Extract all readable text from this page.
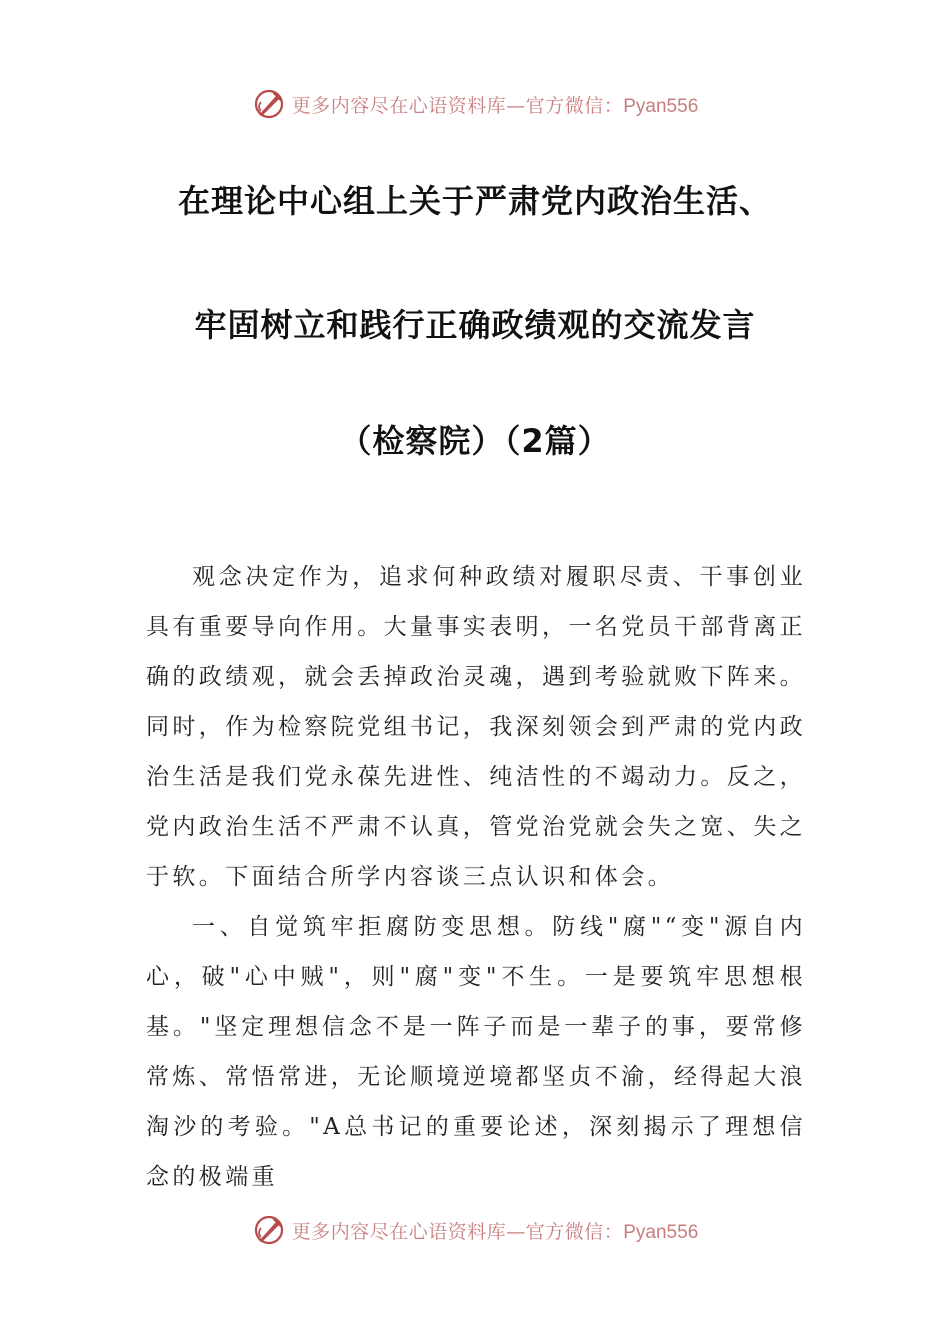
更多内容尽在心语资料库—官方微信：Pyan556
在理论中心组上关于严肃党内政治生活、
牢固树立和践行正确政绩观的交流发言
（检察院）（2篇）

观念决定作为，追求何种政绩对履职尽责、干事创业具有重要导向作用。大量事实表明，一名党员干部背离正确的政绩观，就会丢掉政治灵魂，遇到考验就败下阵来。同时，作为检察院党组书记，我深刻领会到严肃的党内政治生活是我们党永葆先进性、纯洁性的不竭动力。反之，党内政治生活不严肃不认真，管党治党就会失之宽、失之于软。下面结合所学内容谈三点认识和体会。

一、自觉筑牢拒腐防变思想。防线"腐"“变"源自内心，破"心中贼"，则"腐"变"不生。一是要筑牢思想根基。"坚定理想信念不是一阵子而是一辈子的事，要常修常炼、常悟常进，无论顺境逆境都坚贞不渝，经得起大浪淘沙的考验。"A总书记的重要论述，深刻揭示了理想信念的极端重

更多内容尽在心语资料库—官方微信：Pyan556
